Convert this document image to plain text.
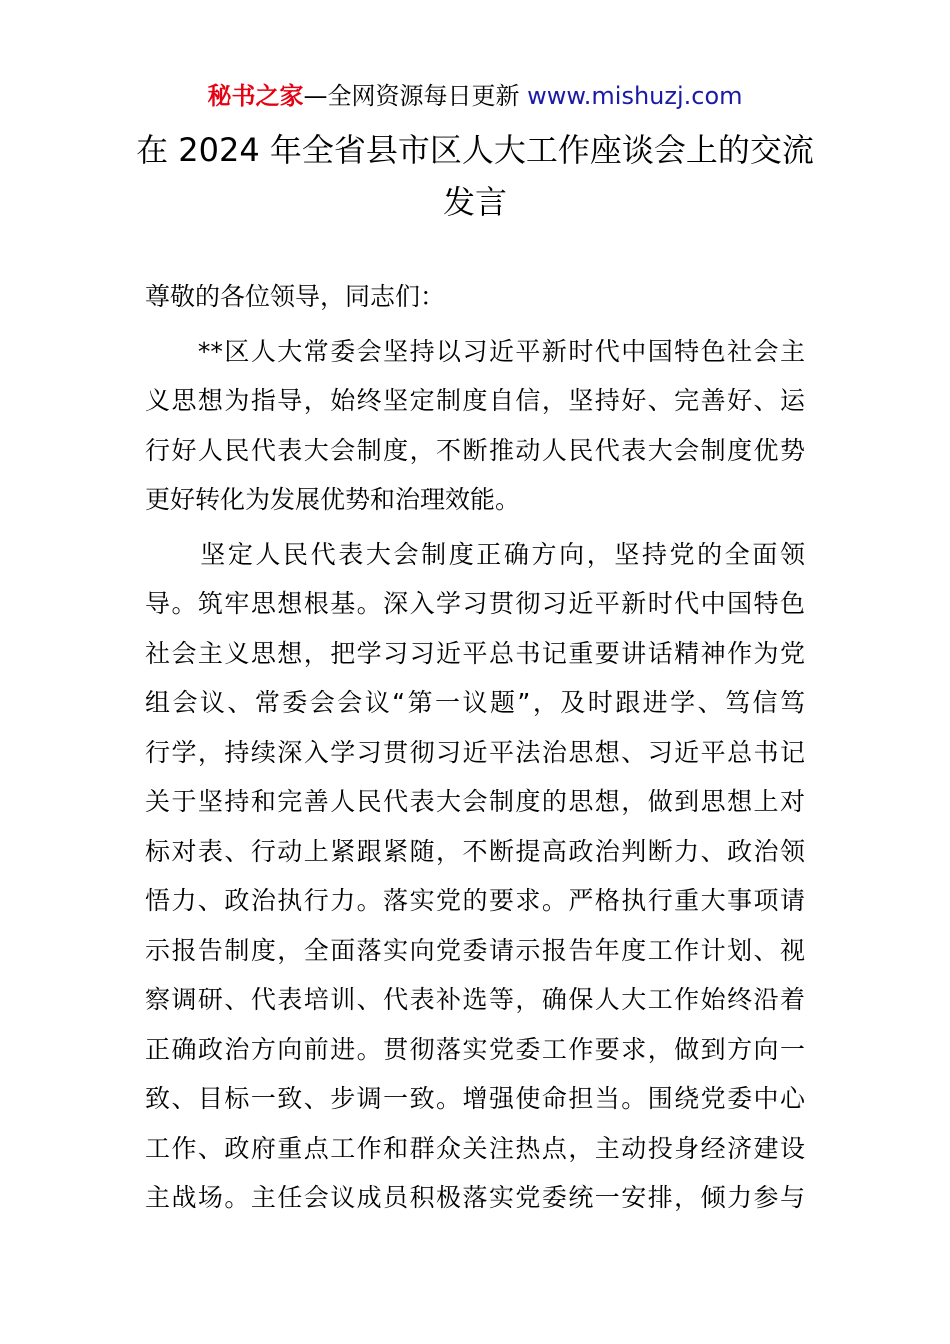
秘书之家—全网资源每日更新 www.mishuzj.com
在 2024 年全省县市区人大工作座谈会上的交流
发言
尊敬的各位领导，同志们：
　　**区人大常委会坚持以习近平新时代中国特色社会主
义思想为指导，始终坚定制度自信，坚持好、完善好、运
行好人民代表大会制度，不断推动人民代表大会制度优势
更好转化为发展优势和治理效能。
　　坚定人民代表大会制度正确方向，坚持党的全面领
导。筑牢思想根基。深入学习贯彻习近平新时代中国特色
社会主义思想，把学习习近平总书记重要讲话精神作为党
组会议、常委会会议“第一议题”，及时跟进学、笃信笃
行学，持续深入学习贯彻习近平法治思想、习近平总书记
关于坚持和完善人民代表大会制度的思想，做到思想上对
标对表、行动上紧跟紧随，不断提高政治判断力、政治领
悟力、政治执行力。落实党的要求。严格执行重大事项请
示报告制度，全面落实向党委请示报告年度工作计划、视
察调研、代表培训、代表补选等，确保人大工作始终沿着
正确政治方向前进。贯彻落实党委工作要求，做到方向一
致、目标一致、步调一致。增强使命担当。围绕党委中心
工作、政府重点工作和群众关注热点，主动投身经济建设
主战场。主任会议成员积极落实党委统一安排，倾力参与
